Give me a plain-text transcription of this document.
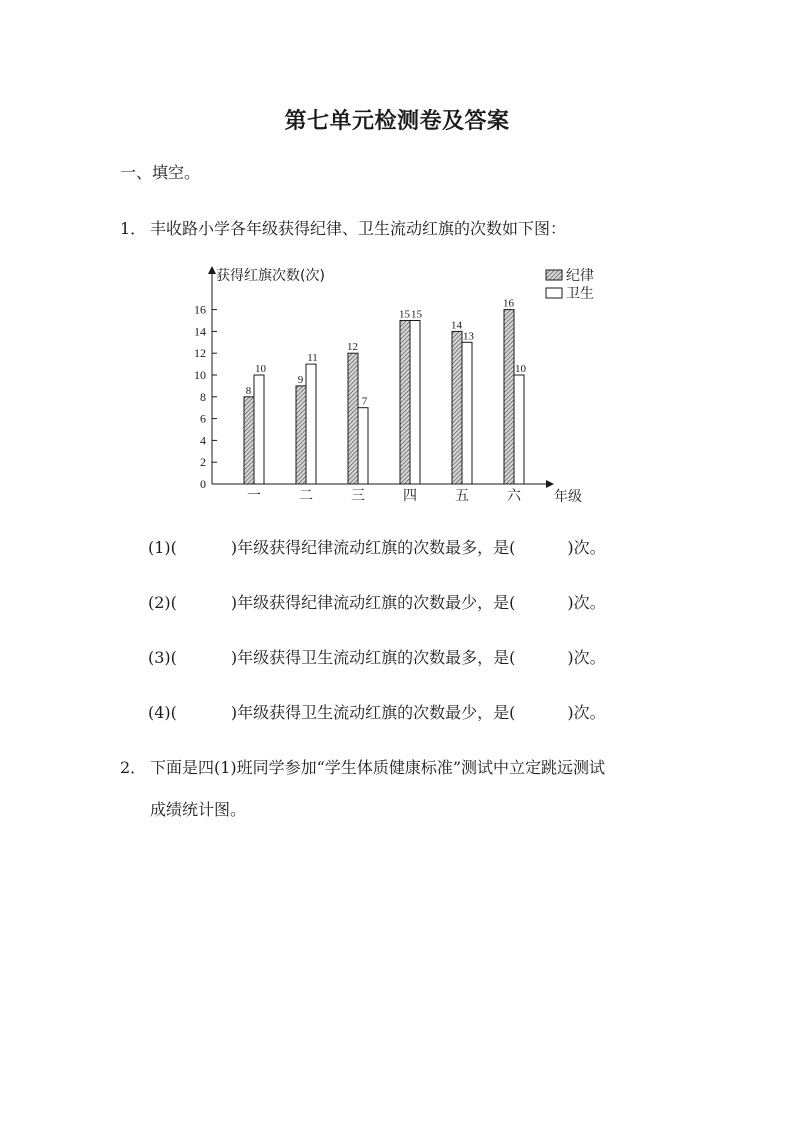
第七单元检测卷及答案
一、填空。
1． 丰收路小学各年级获得纪律、卫生流动红旗的次数如下图：
获得红旗次数(次)
年级
0
2
4
6
8
10
12
14
16
8
10
一
9
11
二
12
7
三
15 15
四
14
13
五
16
10
六
纪律
卫生
(1)(	)年级获得纪律流动红旗的次数最多，是(	)次。
(2)(	)年级获得纪律流动红旗的次数最少，是(	)次。
(3)(	)年级获得卫生流动红旗的次数最多，是(	)次。
(4)(	)年级获得卫生流动红旗的次数最少，是(	)次。
2． 下面是四(1)班同学参加“学生体质健康标准”测试中立定跳远测试
成绩统计图。
